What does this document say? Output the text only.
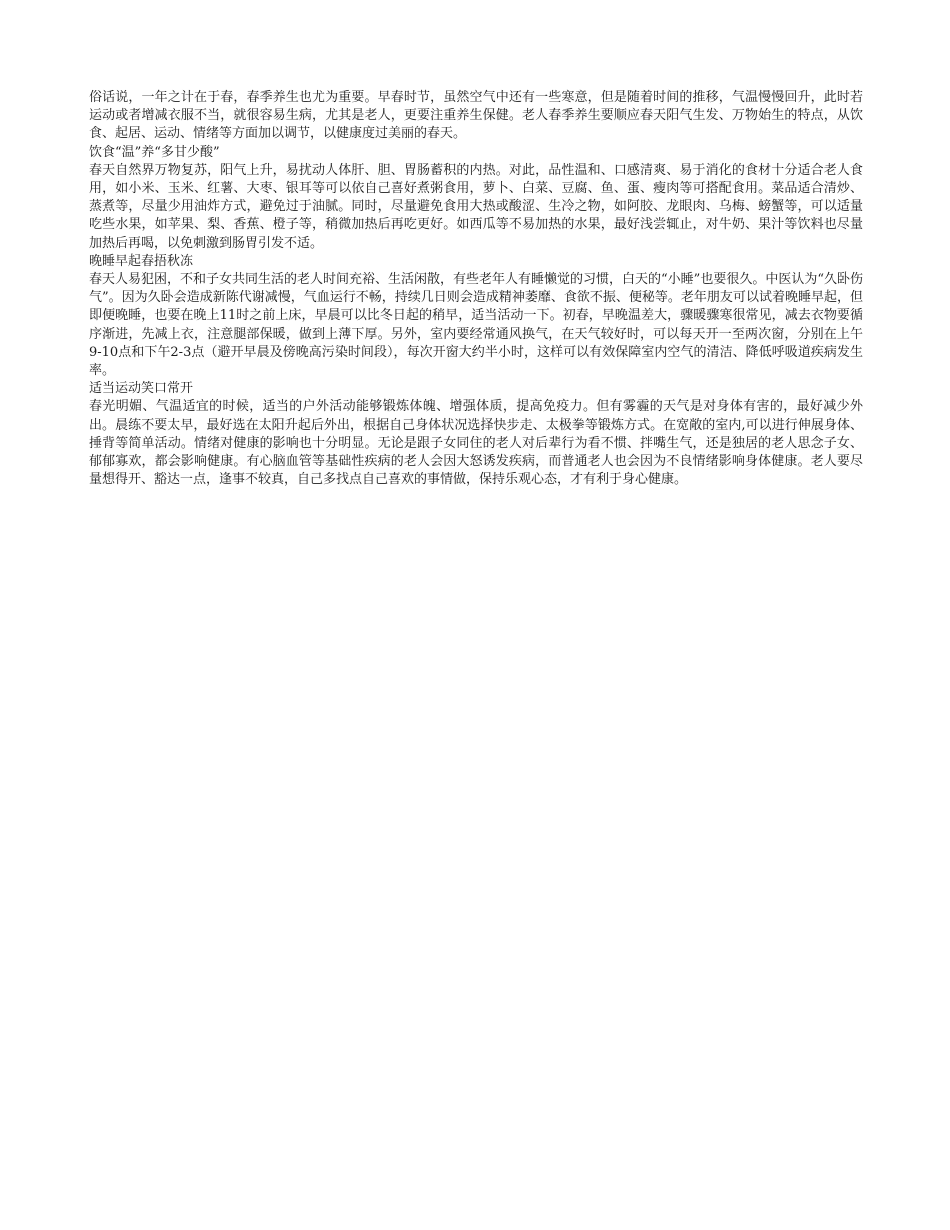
俗话说，一年之计在于春，春季养生也尤为重要。早春时节，虽然空气中还有一些寒意，但是随着时间的推移，气温慢慢回升，此时若运动或者增减衣服不当，就很容易生病，尤其是老人，更要注重养生保健。老人春季养生要顺应春天阳气生发、万物始生的特点，从饮食、起居、运动、情绪等方面加以调节，以健康度过美丽的春天。

饮食“温”养“多甘少酸”

春天自然界万物复苏，阳气上升，易扰动人体肝、胆、胃肠蓄积的内热。对此，品性温和、口感清爽、易于消化的食材十分适合老人食用，如小米、玉米、红薯、大枣、银耳等可以依自己喜好煮粥食用，萝卜、白菜、豆腐、鱼、蛋、瘦肉等可搭配食用。菜品适合清炒、蒸煮等，尽量少用油炸方式，避免过于油腻。同时，尽量避免食用大热或酸涩、生冷之物，如阿胶、龙眼肉、乌梅、螃蟹等，可以适量吃些水果，如苹果、梨、香蕉、橙子等，稍微加热后再吃更好。如西瓜等不易加热的水果，最好浅尝辄止，对牛奶、果汁等饮料也尽量加热后再喝，以免刺激到肠胃引发不适。

晚睡早起春捂秋冻

春天人易犯困，不和子女共同生活的老人时间充裕、生活闲散，有些老年人有睡懒觉的习惯，白天的“小睡”也要很久。中医认为“久卧伤气”。因为久卧会造成新陈代谢减慢，气血运行不畅，持续几日则会造成精神萎靡、食欲不振、便秘等。老年朋友可以试着晚睡早起，但即便晚睡，也要在晚上11时之前上床，早晨可以比冬日起的稍早，适当活动一下。初春，早晚温差大，骤暖骤寒很常见，减去衣物要循序渐进，先减上衣，注意腿部保暖，做到上薄下厚。另外，室内要经常通风换气，在天气较好时，可以每天开一至两次窗，分别在上午9-10点和下午2-3点（避开早晨及傍晚高污染时间段），每次开窗大约半小时，这样可以有效保障室内空气的清洁、降低呼吸道疾病发生率。

适当运动笑口常开

春光明媚、气温适宜的时候，适当的户外活动能够锻炼体魄、增强体质，提高免疫力。但有雾霾的天气是对身体有害的，最好减少外出。晨练不要太早，最好选在太阳升起后外出，根据自己身体状况选择快步走、太极拳等锻炼方式。在宽敞的室内,可以进行伸展身体、捶背等简单活动。情绪对健康的影响也十分明显。无论是跟子女同住的老人对后辈行为看不惯、拌嘴生气，还是独居的老人思念子女、郁郁寡欢，都会影响健康。有心脑血管等基础性疾病的老人会因大怒诱发疾病，而普通老人也会因为不良情绪影响身体健康。老人要尽量想得开、豁达一点，逢事不较真，自己多找点自己喜欢的事情做，保持乐观心态，才有利于身心健康。
